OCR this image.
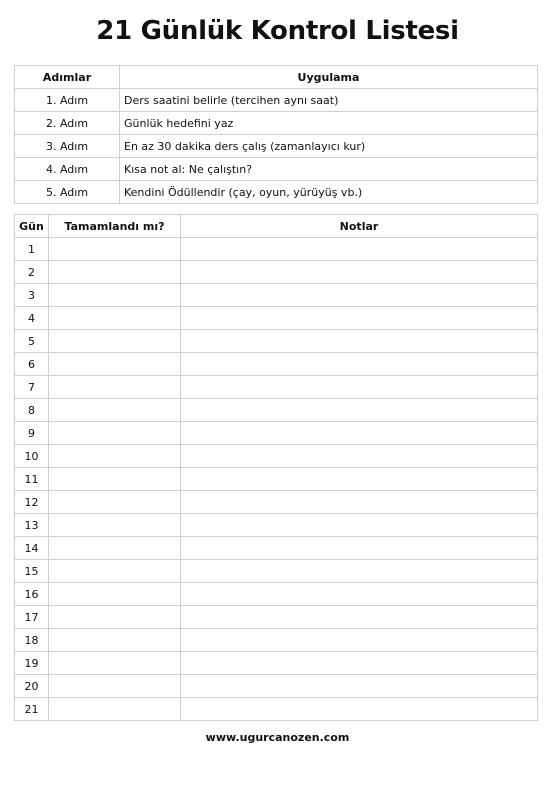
21 Günlük Kontrol Listesi
Adımlar	Uygulama
1. Adım	Ders saatini belirle (tercihen aynı saat)
2. Adım	Günlük hedefini yaz
3. Adım	En az 30 dakika ders çalış (zamanlayıcı kur)
4. Adım	Kısa not al: Ne çalıştın?
5. Adım	Kendini Ödüllendir (çay, oyun, yürüyüş vb.)
Gün	Tamamlandı mı?	Notlar
1		
2		
3		
4		
5		
6		
7		
8		
9		
10		
11		
12		
13		
14		
15		
16		
17		
18		
19		
20		
21		
www.ugurcanozen.com
